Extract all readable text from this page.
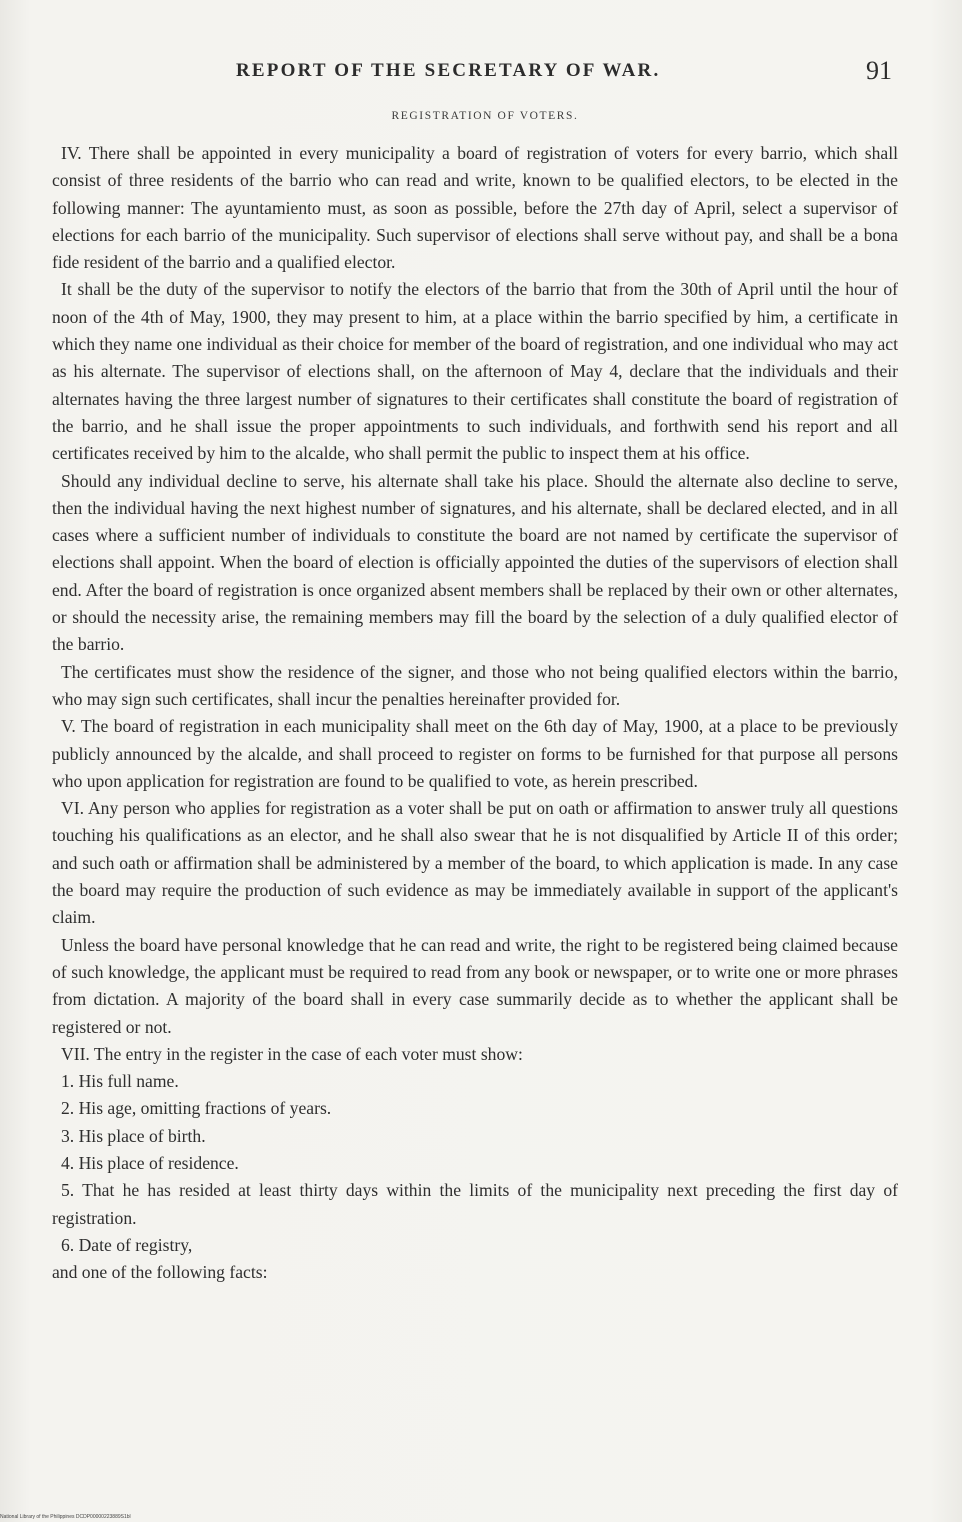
REPORT OF THE SECRETARY OF WAR.	91
REGISTRATION OF VOTERS.

IV. There shall be appointed in every municipality a board of registration of voters for every barrio, which shall consist of three residents of the barrio who can read and write, known to be qualified electors, to be elected in the following manner: The ayuntamiento must, as soon as possible, before the 27th day of April, select a supervisor of elections for each barrio of the municipality. Such supervisor of elections shall serve without pay, and shall be a bona fide resident of the barrio and a qualified elector.

It shall be the duty of the supervisor to notify the electors of the barrio that from the 30th of April until the hour of noon of the 4th of May, 1900, they may present to him, at a place within the barrio specified by him, a certificate in which they name one individual as their choice for member of the board of registration, and one individual who may act as his alternate. The supervisor of elections shall, on the afternoon of May 4, declare that the individuals and their alternates having the three largest number of signatures to their certificates shall constitute the board of registration of the barrio, and he shall issue the proper appointments to such individuals, and forthwith send his report and all certificates received by him to the alcalde, who shall permit the public to inspect them at his office.

Should any individual decline to serve, his alternate shall take his place. Should the alternate also decline to serve, then the individual having the next highest number of signatures, and his alternate, shall be declared elected, and in all cases where a sufficient number of individuals to constitute the board are not named by certificate the supervisor of elections shall appoint. When the board of election is officially appointed the duties of the supervisors of election shall end. After the board of registration is once organized absent members shall be replaced by their own or other alternates, or should the necessity arise, the remaining members may fill the board by the selection of a duly qualified elector of the barrio.

The certificates must show the residence of the signer, and those who not being qualified electors within the barrio, who may sign such certificates, shall incur the penalties hereinafter provided for.

V. The board of registration in each municipality shall meet on the 6th day of May, 1900, at a place to be previously publicly announced by the alcalde, and shall proceed to register on forms to be furnished for that purpose all persons who upon application for registration are found to be qualified to vote, as herein prescribed.

VI. Any person who applies for registration as a voter shall be put on oath or affirmation to answer truly all questions touching his qualifications as an elector, and he shall also swear that he is not disqualified by Article II of this order; and such oath or affirmation shall be administered by a member of the board, to which application is made. In any case the board may require the production of such evidence as may be immediately available in support of the applicant's claim.

Unless the board have personal knowledge that he can read and write, the right to be registered being claimed because of such knowledge, the applicant must be required to read from any book or newspaper, or to write one or more phrases from dictation. A majority of the board shall in every case summarily decide as to whether the applicant shall be registered or not.

VII. The entry in the register in the case of each voter must show:

1. His full name.

2. His age, omitting fractions of years.

3. His place of birth.

4. His place of residence.

5. That he has resided at least thirty days within the limits of the municipality next preceding the first day of registration.

6. Date of registry,

and one of the following facts:

National Library of the Philippines DCDP00000223889S1bl
